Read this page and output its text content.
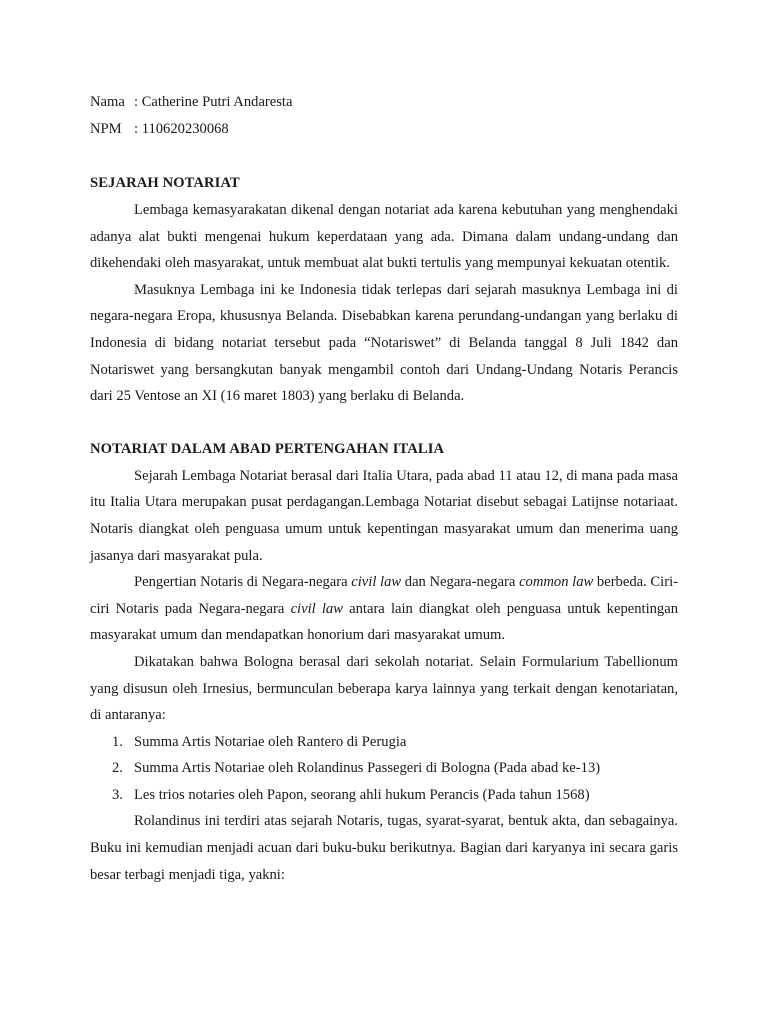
Nama : Catherine Putri Andaresta
NPM : 110620230068
SEJARAH NOTARIAT

Lembaga kemasyarakatan dikenal dengan notariat ada karena kebutuhan yang menghendaki adanya alat bukti mengenai hukum keperdataan yang ada. Dimana dalam undang-undang dan dikehendaki oleh masyarakat, untuk membuat alat bukti tertulis yang mempunyai kekuatan otentik.

Masuknya Lembaga ini ke Indonesia tidak terlepas dari sejarah masuknya Lembaga ini di negara-negara Eropa, khususnya Belanda. Disebabkan karena perundang-undangan yang berlaku di Indonesia di bidang notariat tersebut pada “Notariswet” di Belanda tanggal 8 Juli 1842 dan Notariswet yang bersangkutan banyak mengambil contoh dari Undang-Undang Notaris Perancis dari 25 Ventose an XI (16 maret 1803) yang berlaku di Belanda.

NOTARIAT DALAM ABAD PERTENGAHAN ITALIA

Sejarah Lembaga Notariat berasal dari Italia Utara, pada abad 11 atau 12, di mana pada masa itu Italia Utara merupakan pusat perdagangan.Lembaga Notariat disebut sebagai Latijnse notariaat. Notaris diangkat oleh penguasa umum untuk kepentingan masyarakat umum dan menerima uang jasanya dari masyarakat pula.

Pengertian Notaris di Negara-negara civil law dan Negara-negara common law berbeda. Ciri-ciri Notaris pada Negara-negara civil law antara lain diangkat oleh penguasa untuk kepentingan masyarakat umum dan mendapatkan honorium dari masyarakat umum.

Dikatakan bahwa Bologna berasal dari sekolah notariat. Selain Formularium Tabellionum yang disusun oleh Irnesius, bermunculan beberapa karya lainnya yang terkait dengan kenotariatan, di antaranya:

1. Summa Artis Notariae oleh Rantero di Perugia
2. Summa Artis Notariae oleh Rolandinus Passegeri di Bologna (Pada abad ke-13)
3. Les trios notaries oleh Papon, seorang ahli hukum Perancis (Pada tahun 1568)

Rolandinus ini terdiri atas sejarah Notaris, tugas, syarat-syarat, bentuk akta, dan sebagainya. Buku ini kemudian menjadi acuan dari buku-buku berikutnya. Bagian dari karyanya ini secara garis besar terbagi menjadi tiga, yakni:
